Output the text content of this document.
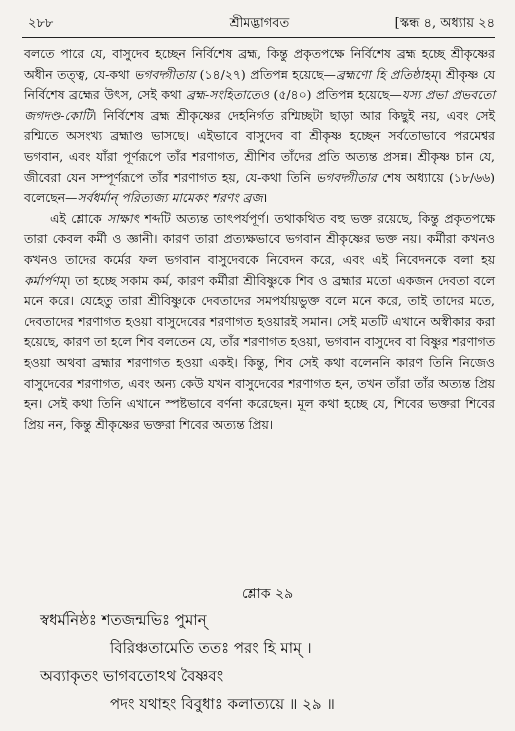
২৮৮	শ্রীমদ্ভাগবত	[স্কন্ধ ৪, অধ্যায় ২৪

বলতে পারে যে, বাসুদেব হচ্ছেন নির্বিশেষ ব্রহ্ম, কিন্তু প্রকৃতপক্ষে নির্বিশেষ ব্রহ্ম হচ্ছে শ্রীকৃষ্ণের অধীন তত্ত্ব, যে-কথা ভগবদ্গীতায় (১৪/২৭) প্রতিপন্ন হয়েছে—ব্রহ্মণো হি প্রতিষ্ঠাহম্। শ্রীকৃষ্ণ যে নির্বিশেষ ব্রহ্মের উৎস, সেই কথা ব্রহ্ম-সংহিতাতেও (৫/৪০) প্রতিপন্ন হয়েছে—যস্য প্রভা প্রভবতো জগদণ্ড-কোটি। নির্বিশেষ ব্রহ্ম শ্রীকৃষ্ণের দেহনির্গত রশ্মিচ্ছটা ছাড়া আর কিছুই নয়, এবং সেই রশ্মিতে অসংখ্য ব্রহ্মাণ্ড ভাসছে। এইভাবে বাসুদেব বা শ্রীকৃষ্ণ হচ্ছেন সর্বতোভাবে পরমেশ্বর ভগবান, এবং যাঁরা পূর্ণরূপে তাঁর শরণাগত, শ্রীশিব তাঁদের প্রতি অত্যন্ত প্রসন্ন। শ্রীকৃষ্ণ চান যে, জীবেরা যেন সম্পূর্ণরূপে তাঁর শরণাগত হয়, যে-কথা তিনি ভগবদ্গীতার শেষ অধ্যায়ে (১৮/৬৬) বলেছেন—সর্বধর্মান্ পরিত্যজ্য মামেকং শরণং ব্রজ।

এই শ্লোকে সাক্ষাৎ শব্দটি অত্যন্ত তাৎপর্যপূর্ণ। তথাকথিত বহু ভক্ত রয়েছে, কিন্তু প্রকৃতপক্ষে তারা কেবল কর্মী ও জ্ঞানী। কারণ তারা প্রত্যক্ষভাবে ভগবান শ্রীকৃষ্ণের ভক্ত নয়। কর্মীরা কখনও কখনও তাদের কর্মের ফল ভগবান বাসুদেবকে নিবেদন করে, এবং এই নিবেদনকে বলা হয় কর্মার্পণম্। তা হচ্ছে সকাম কর্ম, কারণ কর্মীরা শ্রীবিষ্ণুকে শিব ও ব্রহ্মার মতো একজন দেবতা বলে মনে করে। যেহেতু তারা শ্রীবিষ্ণুকে দেবতাদের সমপর্যায়ভুক্ত বলে মনে করে, তাই তাদের মতে, দেবতাদের শরণাগত হওয়া বাসুদেবের শরণাগত হওয়ারই সমান। সেই মতটি এখানে অস্বীকার করা হয়েছে, কারণ তা হলে শিব বলতেন যে, তাঁর শরণাগত হওয়া, ভগবান বাসুদেব বা বিষ্ণুর শরণাগত হওয়া অথবা ব্রহ্মার শরণাগত হওয়া একই। কিন্তু, শিব সেই কথা বলেননি কারণ তিনি নিজেও বাসুদেবের শরণাগত, এবং অন্য কেউ যখন বাসুদেবের শরণাগত হন, তখন তাঁরা তাঁর অত্যন্ত প্রিয় হন। সেই কথা তিনি এখানে স্পষ্টভাবে বর্ণনা করেছেন। মূল কথা হচ্ছে যে, শিবের ভক্তরা শিবের প্রিয় নন, কিন্তু শ্রীকৃষ্ণের ভক্তরা শিবের অত্যন্ত প্রিয়।

শ্লোক ২৯
স্বধর্মনিষ্ঠঃ শতজন্মভিঃ পুমান্
বিরিঞ্চতামেতি ততঃ পরং হি মাম্ ।
অব্যাকৃতং ভাগবতোঽথ বৈষ্ণবং
পদং যথাহং বিবুধাঃ কলাত্যয়ে ॥ ২৯ ॥
